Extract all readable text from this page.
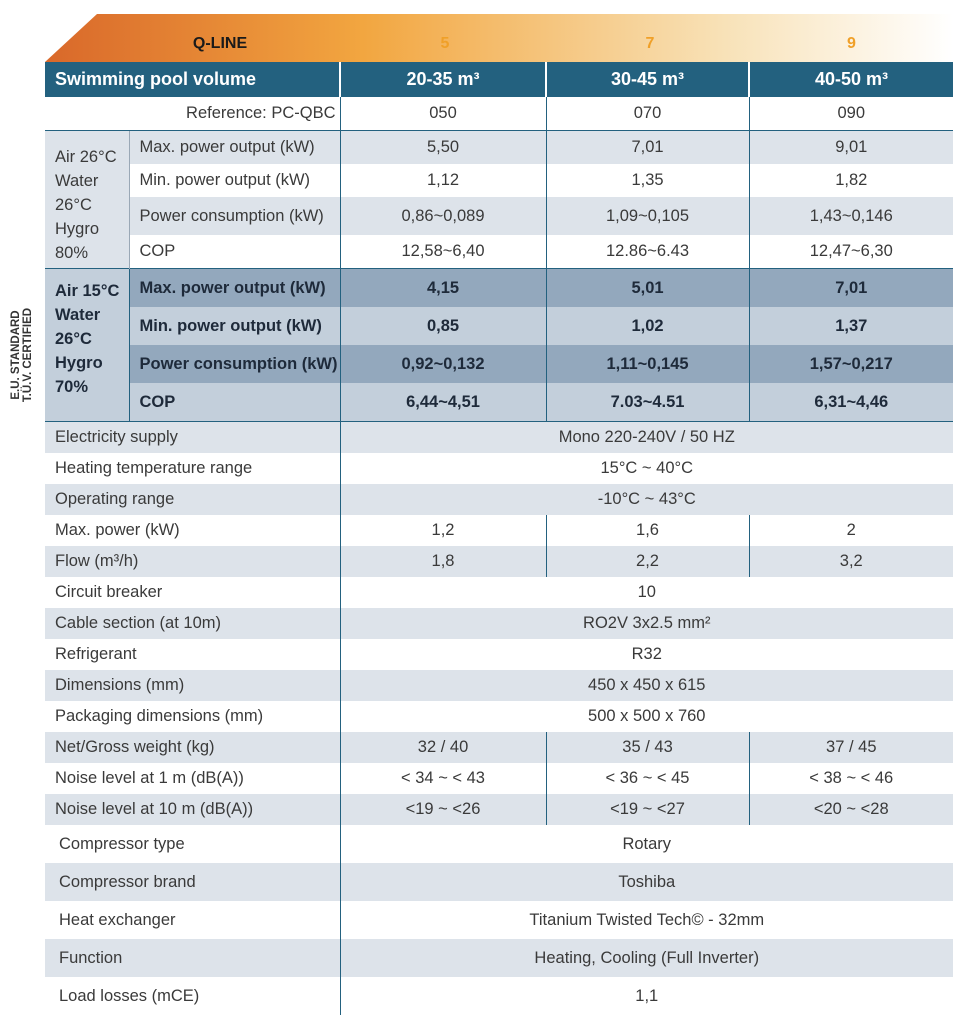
E.U. STANDARD T.Ü.V. CERTIFIED
Q-LINE	5	7	9
Swimming pool volume		20-35 m³	30-45 m³	40-50 m³
Reference: PC-QBC		050	070	090
Air 26°C Water 26°C Hygro 80%	Max. power output (kW)	5,50	7,01	9,01
	Min. power output (kW)	1,12	1,35	1,82
	Power consumption (kW)	0,86~0,089	1,09~0,105	1,43~0,146
	COP	12,58~6,40	12.86~6.43	12,47~6,30
Air 15°C Water 26°C Hygro 70%	Max. power output (kW)	4,15	5,01	7,01
	Min. power output (kW)	0,85	1,02	1,37
	Power consumption (kW)	0,92~0,132	1,11~0,145	1,57~0,217
	COP	6,44~4,51	7.03~4.51	6,31~4,46
Electricity supply		Mono 220-240V / 50 HZ		
Heating temperature range		15°C ~ 40°C		
Operating range		-10°C ~ 43°C		
Max. power (kW)		1,2	1,6	2
Flow (m³/h)		1,8	2,2	3,2
Circuit breaker		10		
Cable section (at 10m)		RO2V 3x2.5 mm²		
Refrigerant		R32		
Dimensions (mm)		450 x 450 x 615		
Packaging dimensions (mm)		500 x 500 x 760		
Net/Gross weight (kg)		32 / 40	35 / 43	37 / 45
Noise level at 1 m (dB(A))		< 34 ~ < 43	< 36 ~ < 45	< 38 ~ < 46
Noise level at 10 m (dB(A))		<19 ~ <26	<19 ~ <27	<20 ~ <28
Compressor type		Rotary		
Compressor brand		Toshiba		
Heat exchanger		Titanium Twisted Tech© - 32mm		
Function		Heating, Cooling (Full Inverter)		
Load losses (mCE)		1,1		
